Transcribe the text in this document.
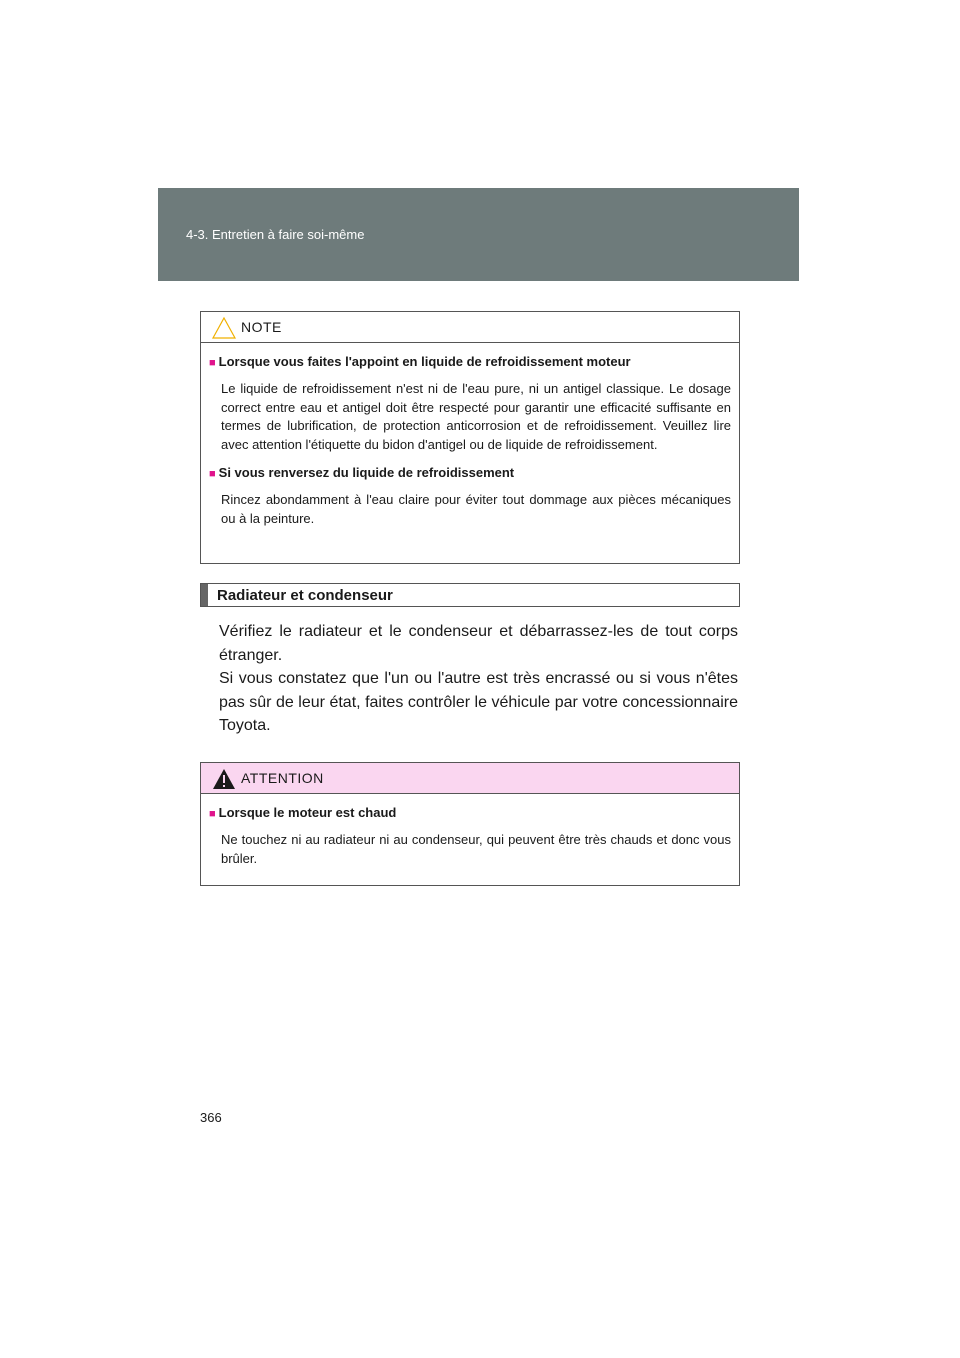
4-3. Entretien à faire soi-même
NOTE
■ Lorsque vous faites l'appoint en liquide de refroidissement moteur
Le liquide de refroidissement n'est ni de l'eau pure, ni un antigel classique. Le dosage correct entre eau et antigel doit être respecté pour garantir une efficacité suffisante en termes de lubrification, de protection anticorrosion et de refroidissement. Veuillez lire avec attention l'étiquette du bidon d'antigel ou de liquide de refroidissement.
■ Si vous renversez du liquide de refroidissement
Rincez abondamment à l'eau claire pour éviter tout dommage aux pièces mécaniques ou à la peinture.
Radiateur et condenseur

Vérifiez le radiateur et le condenseur et débarrassez-les de tout corps étranger.

Si vous constatez que l'un ou l'autre est très encrassé ou si vous n'êtes pas sûr de leur état, faites contrôler le véhicule par votre concessionnaire Toyota.

ATTENTION
■ Lorsque le moteur est chaud
Ne touchez ni au radiateur ni au condenseur, qui peuvent être très chauds et donc vous brûler.
366
